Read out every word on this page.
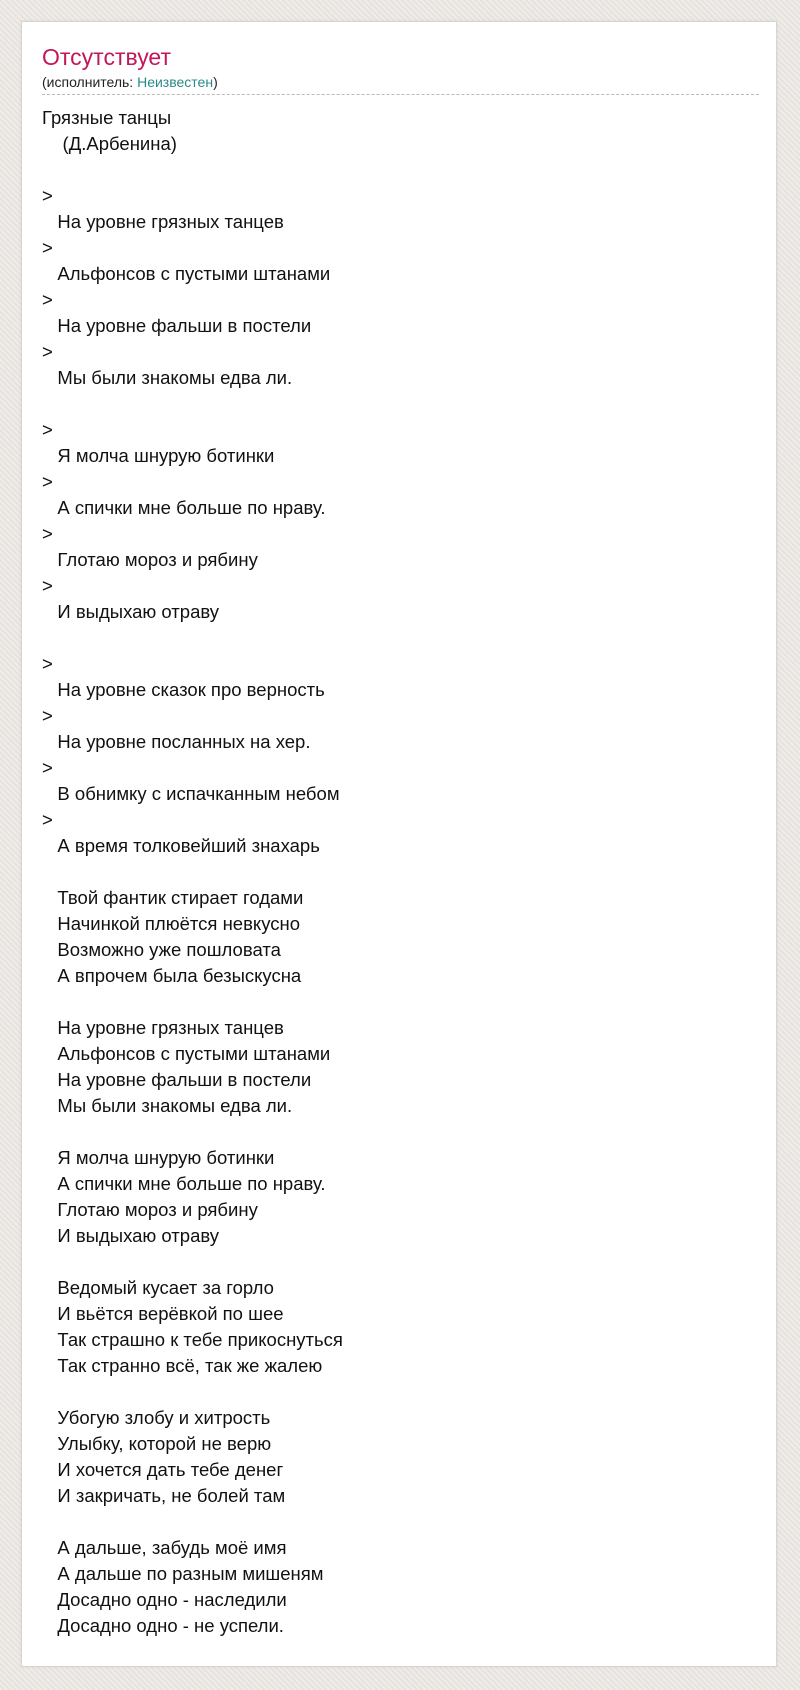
Отсутствует
(исполнитель: Неизвестен)
Грязные танцы
(Д.Арбенина)

>
На уровне грязных танцев
>
Альфонсов с пустыми штанами
>
На уровне фальши в постели
>
Мы были знакомы едва ли.

>
Я молча шнурую ботинки
>
А спички мне больше по нраву.
>
Глотаю мороз и рябину
>
И выдыхаю отраву

>
На уровне сказок про верность
>
На уровне посланных на хер.
>
В обнимку с испачканным небом
>
А время толковейший знахарь

Твой фантик стирает годами
Начинкой плюётся невкусно
Возможно уже пошловата
А впрочем была безыскусна

На уровне грязных танцев
Альфонсов с пустыми штанами
На уровне фальши в постели
Мы были знакомы едва ли.

Я молча шнурую ботинки
А спички мне больше по нраву.
Глотаю мороз и рябину
И выдыхаю отраву

Ведомый кусает за горло
И вьётся верёвкой по шее
Так страшно к тебе прикоснуться
Так странно всё, так же жалею

Убогую злобу и хитрость
Улыбку, которой не верю
И хочется дать тебе денег
И закричать, не болей там

А дальше, забудь моё имя
А дальше по разным мишеням
Досадно одно - наследили
Досадно одно - не успели.
